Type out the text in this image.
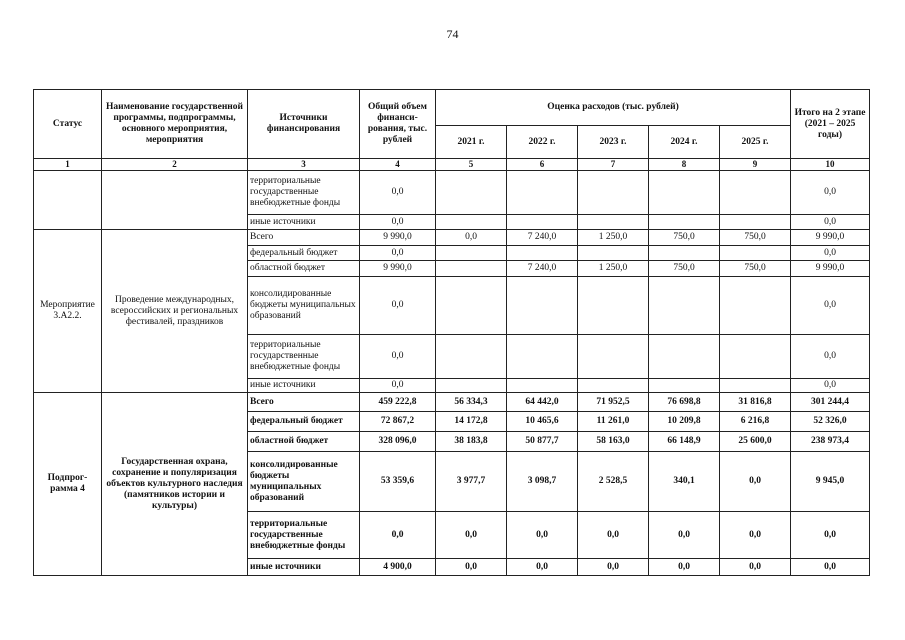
74
Статус	Наименование государственной программы, подпрограммы, основного мероприятия, мероприятия	Источники финансирования	Общий объем финанси-рования, тыс. рублей	Оценка расходов (тыс. рублей)					Итого на 2 этапе (2021 – 2025 годы)
				2021 г.	2022 г.	2023 г.	2024 г.	2025 г.	
1	2	3	4	5	6	7	8	9	10
		территориальные государственные внебюджетные фонды	0,0						0,0
		иные источники	0,0						0,0
Мероприятие 3.А2.2.	Проведение международных, всероссийских и региональных фестивалей, праздников	Всего	9 990,0	0,0	7 240,0	1 250,0	750,0	750,0	9 990,0
		федеральный бюджет	0,0						0,0
		областной бюджет	9 990,0		7 240,0	1 250,0	750,0	750,0	9 990,0
		консолидированные бюджеты муниципальных образований	0,0						0,0
		территориальные государственные внебюджетные фонды	0,0						0,0
		иные источники	0,0						0,0
Подпрог-рамма 4	Государственная охрана, сохранение и популяризация объектов культурного наследия (памятников истории и культуры)	Всего	459 222,8	56 334,3	64 442,0	71 952,5	76 698,8	31 816,8	301 244,4
		федеральный бюджет	72 867,2	14 172,8	10 465,6	11 261,0	10 209,8	6 216,8	52 326,0
		областной бюджет	328 096,0	38 183,8	50 877,7	58 163,0	66 148,9	25 600,0	238 973,4
		консолидированные бюджеты муниципальных образований	53 359,6	3 977,7	3 098,7	2 528,5	340,1	0,0	9 945,0
		территориальные государственные внебюджетные фонды	0,0	0,0	0,0	0,0	0,0	0,0	0,0
		иные источники	4 900,0	0,0	0,0	0,0	0,0	0,0	0,0
